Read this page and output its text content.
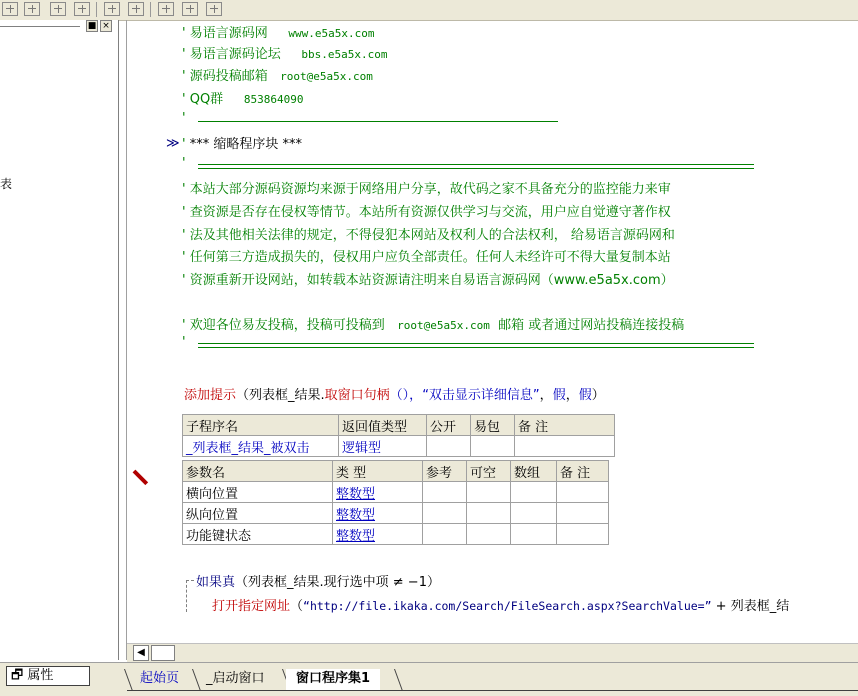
■ ×
表
' 易语言源码网 www.e5a5x.com
' 易语言源码论坛 bbs.e5a5x.com
' 源码投稿邮箱 root@e5a5x.com
' QQ群 853864090
'
≫ ' *** 缩略程序块 ***
'
' 本站大部分源码资源均来源于网络用户分享，故代码之家不具备充分的监控能力来审
' 查资源是否存在侵权等情节。本站所有资源仅供学习与交流，用户应自觉遵守著作权
' 法及其他相关法律的规定，不得侵犯本网站及权利人的合法权利， 给易语言源码网和
' 任何第三方造成损失的，侵权用户应负全部责任。任何人未经许可不得大量复制本站
' 资源重新开设网站，如转载本站资源请注明来自易语言源码网（www.e5a5x.com）
' 欢迎各位易友投稿，投稿可投稿到 root@e5a5x.com 邮箱 或者通过网站投稿连接投稿
'
添加提示（列表框_结果.取窗口句柄（），“双击显示详细信息”，假，假）
子程序名	返回值类型	公开	易包	备 注
_列表框_结果_被双击	逻辑型			
参数名	类 型	参考	可空	数组	备 注
横向位置	整数型				
纵向位置	整数型				
功能键状态	整数型				
如果真（列表框_结果.现行选中项 ≠ −1）
打开指定网址（“http://file.ikaka.com/Search/FileSearch.aspx?SearchValue=” + 列表框_结
◀
🗗 属性	起始页	_启动窗口	窗口程序集1
